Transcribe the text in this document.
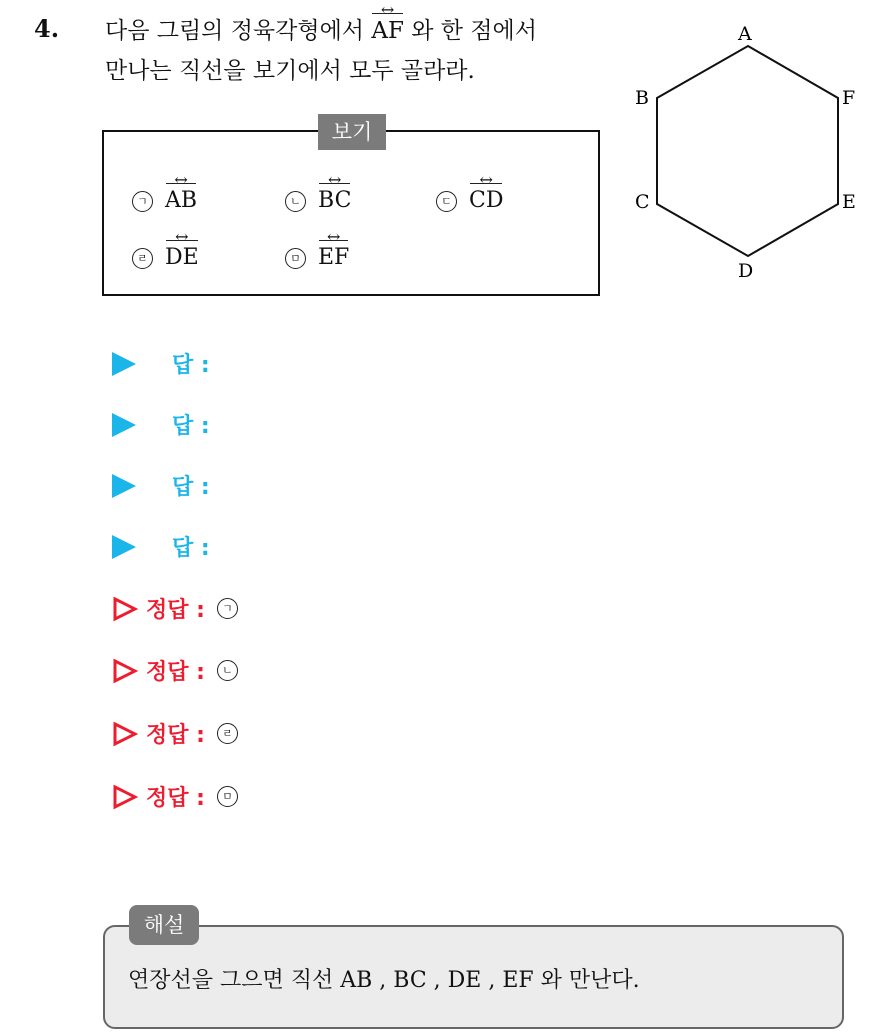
4. 다음 그림의 정육각형에서 AF ↔ 와 한 점에서
만나는 직선을 보기에서 모두 골라라.
A
B
C
D
E
F
보기
ㄱ AB ↔	ㄴ BC ↔	ㄷ CD ↔
ㄹ DE ↔	ㅁ EF ↔
답 :
답 :
답 :
답 :
정답 : ㄱ
정답 : ㄴ
정답 : ㄹ
정답 : ㅁ
해설
연장선을 그으면 직선 AB , BC , DE , EF 와 만난다.
